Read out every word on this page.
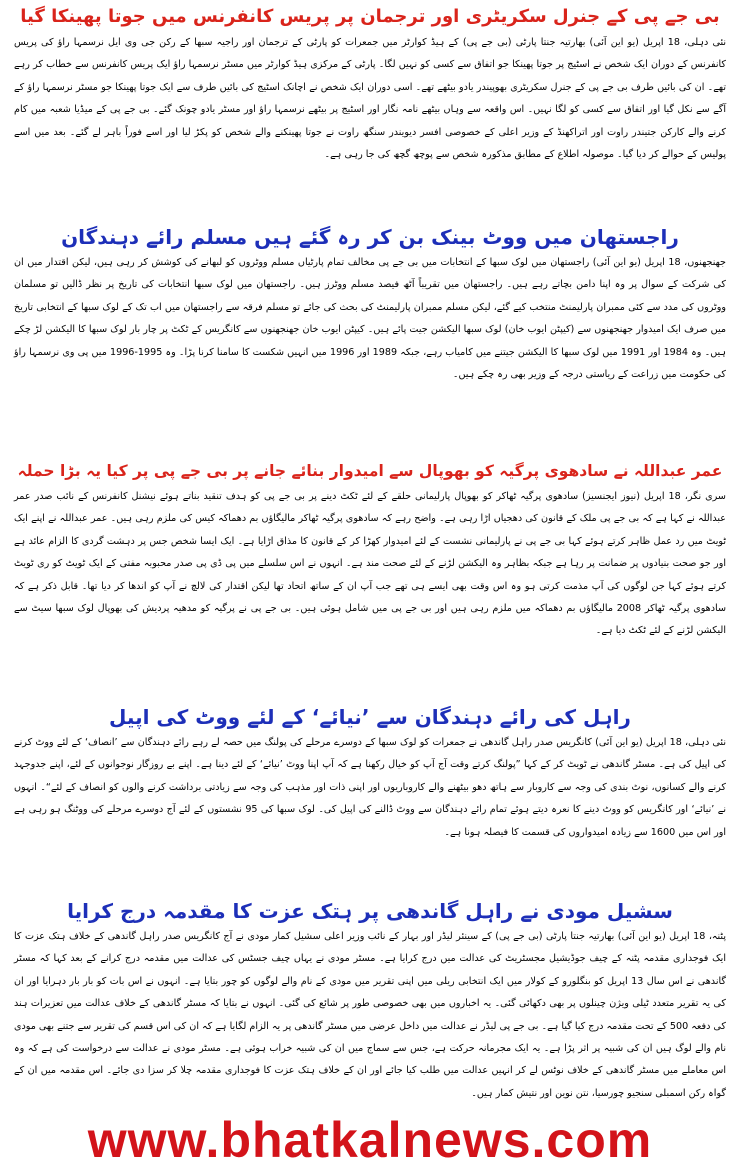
بی جے پی کے جنرل سکریٹری اور ترجمان پر پریس کانفرنس میں جوتا پھینکا گیا
نئی دہلی، 18 اپریل (یو این آئی) بھارتیہ جنتا پارٹی (بی جے پی) کے ہیڈ کوارٹر میں جمعرات کو پارٹی کے ترجمان اور راجیہ سبھا کے رکن جی وی ایل نرسمہا راؤ کی پریس کانفرنس کے دوران ایک شخص نے اسٹیج پر جوتا پھینکا جو اتفاق سے کسی کو نہیں لگا۔ پارٹی کے مرکزی ہیڈ کوارٹر میں مسٹر نرسمہا راؤ ایک پریس کانفرنس سے خطاب کر رہے تھے۔ ان کی بائیں طرف بی جے پی کے جنرل سکریٹری بھوپیندر یادو بیٹھے تھے۔ اسی دوران ایک شخص نے اچانک اسٹیج کی بائیں طرف سے ایک جوتا پھینکا جو مسٹر نرسمہا راؤ کے آگے سے نکل گیا اور اتفاق سے کسی کو لگا نہیں۔ اس واقعہ سے وہاں بیٹھے نامہ نگار اور اسٹیج پر بیٹھے نرسمہا راؤ اور مسٹر یادو چونک گئے۔ بی جے پی کے میڈیا شعبہ میں کام کرنے والے کارکن جتیندر راوت اور اتراکھنڈ کے وزیر اعلی کے خصوصی افسر دیویندر سنگھ راوت نے جوتا پھینکنے والے شخص کو پکڑ لیا اور اسے فوراً باہر لے گئے۔ بعد میں اسے پولیس کے حوالے کر دیا گیا۔ موصولہ اطلاع کے مطابق مذکورہ شخص سے پوچھ گچھ کی جا رہی ہے۔
راجستھان میں ووٹ بینک بن کر رہ گئے ہیں مسلم رائے دہندگان
جھنجھنوں، 18 اپریل (یو این آئی) راجستھان میں لوک سبھا کے انتخابات میں بی جے پی مخالف تمام پارٹیاں مسلم ووٹروں کو لبھانے کی کوشش کر رہی ہیں، لیکن اقتدار میں ان کی شرکت کے سوال پر وہ اپنا دامن بچاتے رہے ہیں۔ راجستھان میں تقریباً آٹھ فیصد مسلم ووٹرز ہیں۔ راجستھان میں لوک سبھا انتخابات کی تاریخ پر نظر ڈالیں تو مسلمان ووٹروں کی مدد سے کئی ممبران پارلیمنٹ منتخب کیے گئے، لیکن مسلم ممبران پارلیمنٹ کی بحث کی جائے تو مسلم فرقہ سے راجستھان میں اب تک کے لوک سبھا کے انتخابی تاریخ میں صرف ایک امیدوار جھنجھنوں سے (کیپٹن ایوب خان) لوک سبھا الیکشن جیت پائے ہیں۔ کیپٹن ایوب خان جھنجھنوں سے کانگریس کے ٹکٹ پر چار بار لوک سبھا کا الیکشن لڑ چکے ہیں۔ وہ 1984 اور 1991 میں لوک سبھا کا الیکشن جیتنے میں کامیاب رہے، جبکہ 1989 اور 1996 میں انہیں شکست کا سامنا کرنا پڑا۔ وہ 1995-1996 میں پی وی نرسمہا راؤ کی حکومت میں زراعت کے ریاستی درجہ کے وزیر بھی رہ چکے ہیں۔
عمر عبداللہ نے سادھوی پرگیہ کو بھوپال سے امیدوار بنائے جانے پر بی جے پی پر کیا یہ بڑا حملہ
سری نگر، 18 اپریل (نیوز ایجنسیز) سادھوی پرگیہ ٹھاکر کو بھوپال پارلیمانی حلقے کے لئے ٹکٹ دینے پر بی جے پی کو ہدف تنقید بناتے ہوئے نیشنل کانفرنس کے نائب صدر عمر عبداللہ نے کہا ہے کہ بی جے پی ملک کے قانون کی دھجیاں اڑا رہی ہے۔ واضح رہے کہ سادھوی پرگیہ ٹھاکر مالیگاؤں بم دھماکہ کیس کی ملزم رہی ہیں۔ عمر عبداللہ نے اپنے ایک ٹویٹ میں رد عمل ظاہر کرتے ہوئے کہا بی جے پی نے پارلیمانی نشست کے لئے امیدوار کھڑا کر کے قانون کا مذاق اڑایا ہے۔ ایک ایسا شخص جس پر دہشت گردی کا الزام عائد ہے اور جو صحت بنیادوں پر ضمانت پر رہا ہے جبکہ بظاہر وہ الیکشن لڑنے کے لئے صحت مند ہے۔ انہوں نے اس سلسلے میں پی ڈی پی صدر محبوبہ مفتی کے ایک ٹویٹ کو ری ٹویٹ کرتے ہوئے کہا جن لوگوں کی آپ مذمت کرتی ہو وہ اس وقت بھی ایسے ہی تھے جب آپ ان کے ساتھ اتحاد تھا لیکن اقتدار کی لالچ نے آپ کو اندھا کر دیا تھا۔ قابل ذکر ہے کہ سادھوی پرگیہ ٹھاکر 2008 مالیگاؤں بم دھماکہ میں ملزم رہی ہیں اور بی جے پی میں شامل ہوئی ہیں۔ بی جے پی نے پرگیہ کو مدھیہ پردیش کی بھوپال لوک سبھا سیٹ سے الیکشن لڑنے کے لئے ٹکٹ دیا ہے۔
راہل کی رائے دہندگان سے ’نیائے‘ کے لئے ووٹ کی اپیل
نئی دہلی، 18 اپریل (یو این آئی) کانگریس صدر راہل گاندھی نے جمعرات کو لوک سبھا کے دوسرے مرحلے کی پولنگ میں حصہ لے رہے رائے دہندگان سے ’انصاف‘ کے لئے ووٹ کرنے کی اپیل کی ہے۔ مسٹر گاندھی نے ٹویٹ کر کے کہا ”پولنگ کرتے وقت آج آپ کو خیال رکھنا ہے کہ آپ اپنا ووٹ ’نیائے‘ کے لئے دینا ہے۔ اپنے بے روزگار نوجوانوں کے لئے، اپنے جدوجہد کرنے والے کسانوں، نوٹ بندی کی وجہ سے کاروبار سے ہاتھ دھو بیٹھنے والے کاروباریوں اور اپنی ذات اور مذہب کی وجہ سے زیادتی برداشت کرنے والوں کو انصاف کے لئے“۔ انہوں نے ’نیائے‘ اور کانگریس کو ووٹ دینے کا نعرہ دیتے ہوئے تمام رائے دہندگان سے ووٹ ڈالنے کی اپیل کی۔ لوک سبھا کی 95 نشستوں کے لئے آج دوسرے مرحلے کی ووٹنگ ہو رہی ہے اور اس میں 1600 سے زیادہ امیدواروں کی قسمت کا فیصلہ ہونا ہے۔
سشیل مودی نے راہل گاندھی پر ہتک عزت کا مقدمہ درج کرایا
پٹنہ، 18 اپریل (یو این آئی) بھارتیہ جنتا پارٹی (بی جے پی) کے سینئر لیڈر اور بہار کے نائب وزیر اعلی سشیل کمار مودی نے آج کانگریس صدر راہل گاندھی کے خلاف ہتک عزت کا ایک فوجداری مقدمہ پٹنہ کے چیف جوڈیشیل مجسٹریٹ کی عدالت میں درج کرایا ہے۔ مسٹر مودی نے یہاں چیف جسٹس کی عدالت میں مقدمہ درج کرانے کے بعد کہا کہ مسٹر گاندھی نے اس سال 13 اپریل کو بنگلورو کے کولار میں ایک انتخابی ریلی میں اپنی تقریر میں مودی کے نام والے لوگوں کو چور بتایا ہے۔ انہوں نے اس بات کو بار بار دہرایا اور ان کی یہ تقریر متعدد ٹیلی ویژن چینلوں پر بھی دکھائی گئی۔ یہ اخباروں میں بھی خصوصی طور پر شائع کی گئی۔ انہوں نے بتایا کہ مسٹر گاندھی کے خلاف عدالت میں تعزیرات ہند کی دفعہ 500 کے تحت مقدمہ درج کیا گیا ہے۔ بی جے پی لیڈر نے عدالت میں داخل عرضی میں مسٹر گاندھی پر یہ الزام لگایا ہے کہ ان کی اس قسم کی تقریر سے جتنے بھی مودی نام والے لوگ ہیں ان کی شبیہ پر اثر پڑا ہے۔ یہ ایک مجرمانہ حرکت ہے، جس سے سماج میں ان کی شبیہ خراب ہوئی ہے۔ مسٹر مودی نے عدالت سے درخواست کی ہے کہ وہ اس معاملے میں مسٹر گاندھی کے خلاف نوٹس لے کر انہیں عدالت میں طلب کیا جائے اور ان کے خلاف ہتک عزت کا فوجداری مقدمہ چلا کر سزا دی جائے۔ اس مقدمہ میں ان کے گواہ رکن اسمبلی سنجیو چورسیا، نتن نوین اور نتیش کمار ہیں۔
www.bhatkalnews.com
